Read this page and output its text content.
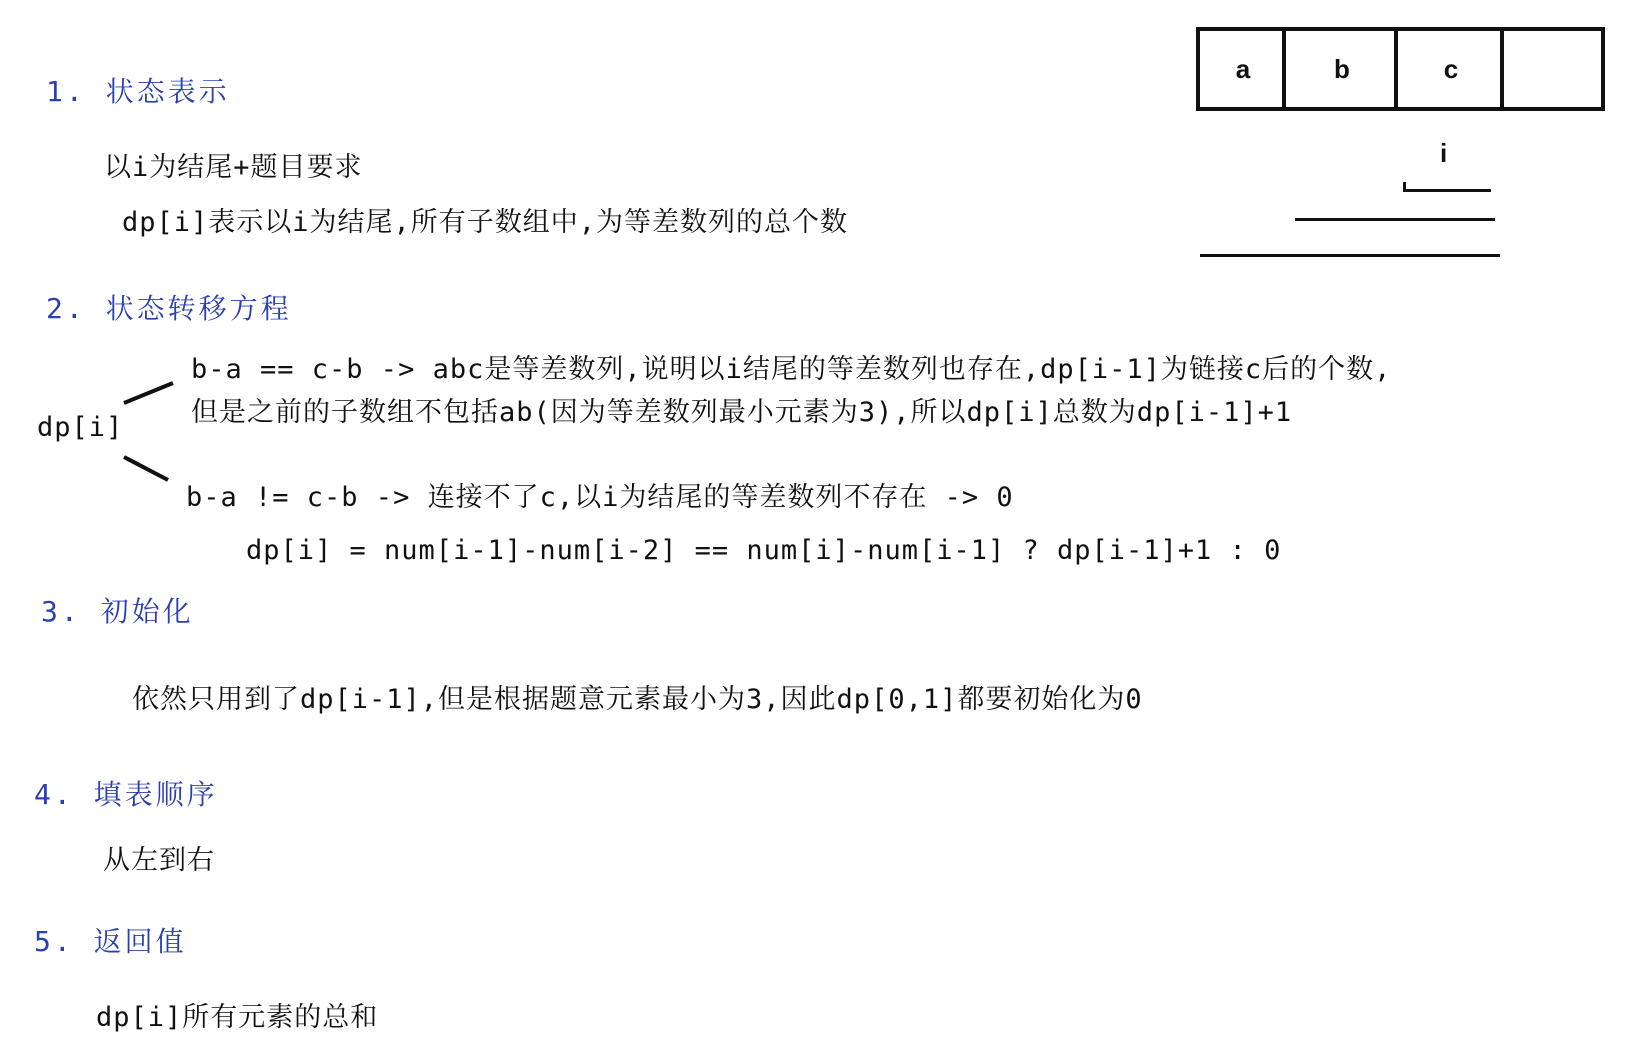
a	b	c
i
1. 状态表示
以i为结尾+题目要求
dp[i]表示以i为结尾,所有子数组中,为等差数列的总个数
2. 状态转移方程
dp[i]
b-a == c-b -> abc是等差数列,说明以i结尾的等差数列也存在,dp[i-1]为链接c后的个数,
但是之前的子数组不包括ab(因为等差数列最小元素为3),所以dp[i]总数为dp[i-1]+1
b-a != c-b -> 连接不了c,以i为结尾的等差数列不存在 -> 0
dp[i] = num[i-1]-num[i-2] == num[i]-num[i-1] ? dp[i-1]+1 : 0
3. 初始化
依然只用到了dp[i-1],但是根据题意元素最小为3,因此dp[0,1]都要初始化为0
4. 填表顺序
从左到右
5. 返回值
dp[i]所有元素的总和
